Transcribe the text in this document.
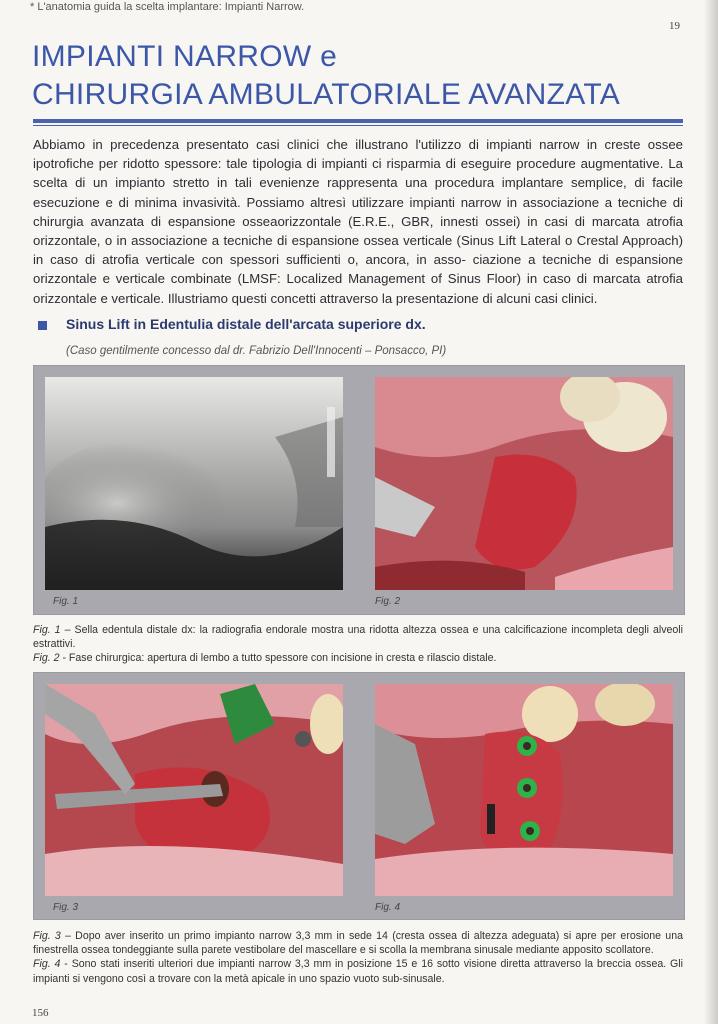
* L'anatomia guida la scelta implantare: Impianti Narrow.
19
IMPIANTI NARROW e
CHIRURGIA AMBULATORIALE AVANZATA

Abbiamo in precedenza presentato casi clinici che illustrano l'utilizzo di impianti narrow in creste ossee ipotrofiche per ridotto spessore: tale tipologia di impianti ci risparmia di eseguire procedure augmentative. La scelta di un impianto stretto in tali evenienze rappresenta una procedura implantare semplice, di facile esecuzione e di minima invasività. Possiamo altresì utilizzare impianti narrow in associazione a tecniche di chirurgia avanzata di espansione osseaorizzontale (E.R.E., GBR, innesti ossei) in casi di marcata atrofia orizzontale, o in associazione a tecniche di espansione ossea verticale (Sinus Lift Lateral o Crestal Approach) in caso di atrofia verticale con spessori sufficienti o, ancora, in asso- ciazione a tecniche di espansione orizzontale e verticale combinate (LMSF: Localized Management of Sinus Floor) in caso di marcata atrofia orizzontale e verticale. Illustriamo questi concetti attraverso la presentazione di alcuni casi clinici.

Sinus Lift in Edentulia distale dell'arcata superiore dx.

(Caso gentilmente concesso dal dr. Fabrizio Dell'Innocenti – Ponsacco, PI)

Fig. 1	Fig. 2

Fig. 1 – Sella edentula distale dx: la radiografia endorale mostra una ridotta altezza ossea e una calcificazione incompleta degli alveoli estrattivi.
Fig. 2 - Fase chirurgica: apertura di lembo a tutto spessore con incisione in cresta e rilascio distale.

Fig. 3	Fig. 4

Fig. 3 – Dopo aver inserito un primo impianto narrow 3,3 mm in sede 14 (cresta ossea di altezza adeguata) si apre per erosione una finestrella ossea tondeggiante sulla parete vestibolare del mascellare e si scolla la membrana sinusale mediante apposito scollatore.
Fig. 4 - Sono stati inseriti ulteriori due impianti narrow 3,3 mm in posizione 15 e 16 sotto visione diretta attraverso la breccia ossea. Gli impianti si vengono così a trovare con la metà apicale in uno spazio vuoto sub-sinusale.

156
